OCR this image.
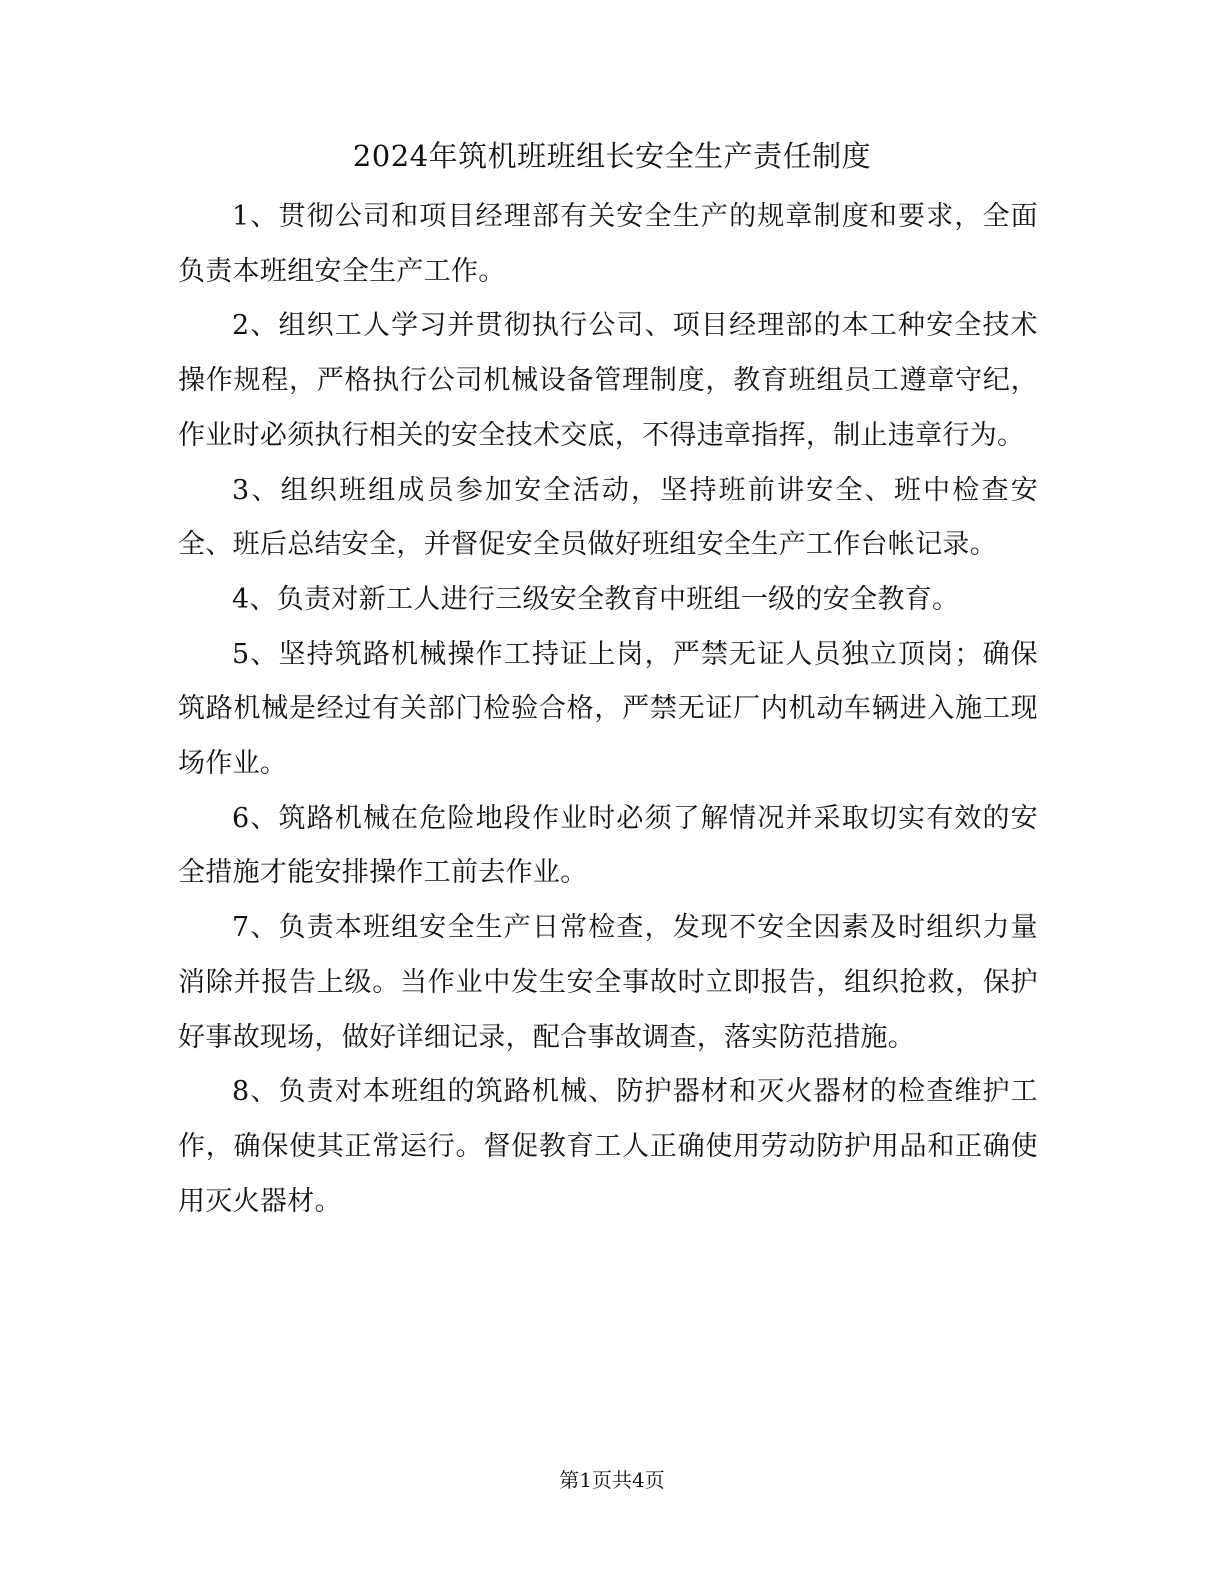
2024年筑机班班组长安全生产责任制度

1、贯彻公司和项目经理部有关安全生产的规章制度和要求，全面负责本班组安全生产工作。

2、组织工人学习并贯彻执行公司、项目经理部的本工种安全技术操作规程，严格执行公司机械设备管理制度，教育班组员工遵章守纪，作业时必须执行相关的安全技术交底，不得违章指挥，制止违章行为。

3、组织班组成员参加安全活动，坚持班前讲安全、班中检查安全、班后总结安全，并督促安全员做好班组安全生产工作台帐记录。

4、负责对新工人进行三级安全教育中班组一级的安全教育。

5、坚持筑路机械操作工持证上岗，严禁无证人员独立顶岗；确保筑路机械是经过有关部门检验合格，严禁无证厂内机动车辆进入施工现场作业。

6、筑路机械在危险地段作业时必须了解情况并采取切实有效的安全措施才能安排操作工前去作业。

7、负责本班组安全生产日常检查，发现不安全因素及时组织力量消除并报告上级。当作业中发生安全事故时立即报告，组织抢救，保护好事故现场，做好详细记录，配合事故调查，落实防范措施。

8、负责对本班组的筑路机械、防护器材和灭火器材的检查维护工作，确保使其正常运行。督促教育工人正确使用劳动防护用品和正确使用灭火器材。

第1页共4页
